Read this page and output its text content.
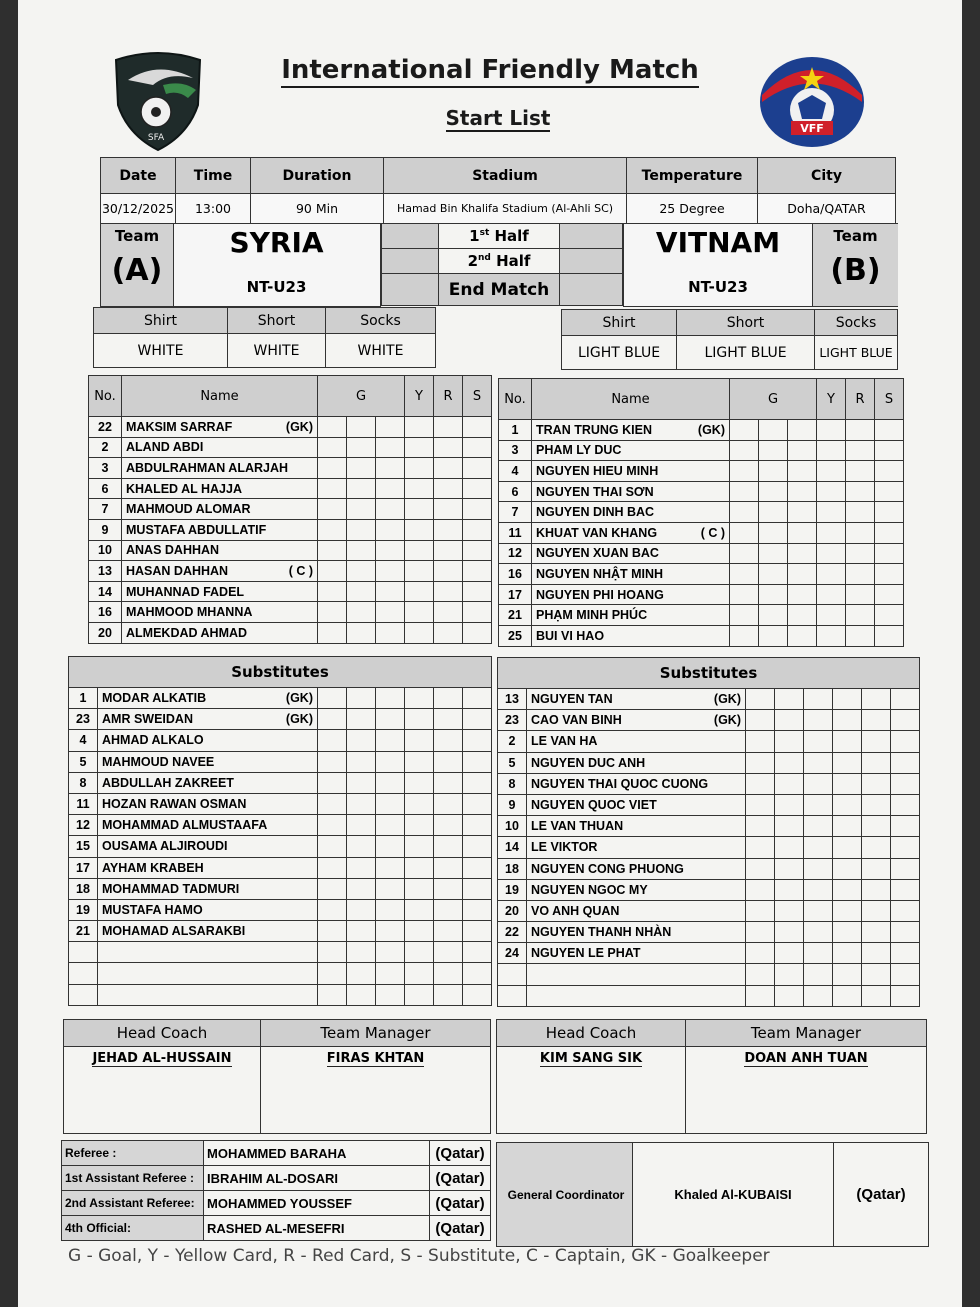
SFA
VFF
International Friendly Match
Start List
Date	Time	Duration	Stadium	Temperature	City
30/12/2025	13:00	90 Min	Hamad Bin Khalifa Stadium (Al-Ahli SC)	25 Degree	Doha/QATAR
Team
(A)
SYRIA
NT-U23
	1st Half	
	2nd Half	
	End Match	
VITNAM
NT-U23
Team
(B)
Shirt	Short	Socks
WHITE	WHITE	WHITE
Shirt	Short	Socks
LIGHT BLUE	LIGHT BLUE	LIGHT BLUE
No.	Name	G			Y	R	S
22	MAKSIM SARRAF (GK)						

2	ALAND ABDI						
3	ABDULRAHMAN ALARJAH						
6	KHALED AL HAJJA						
7	MAHMOUD ALOMAR						
9	MUSTAFA ABDULLATIF						
10	ANAS DAHHAN						
13	HASAN DAHHAN ( C )						

14	MUHANNAD FADEL						
16	MAHMOOD MHANNA						
20	ALMEKDAD AHMAD						
No.	Name	G			Y	R	S
1	TRAN TRUNG KIEN (GK)						

3	PHAM LY DUC						
4	NGUYEN HIEU MINH						
6	NGUYEN THAI SƠN						
7	NGUYEN DINH BAC						
11	KHUAT VAN KHANG ( C )						

12	NGUYEN XUAN BAC						
16	NGUYEN NHẬT MINH						
17	NGUYEN PHI HOANG						
21	PHẠM MINH PHÚC						
25	BUI VI HAO						
Substitutes							
1	MODAR ALKATIB (GK)						

23	AMR SWEIDAN (GK)						

4	AHMAD ALKALO						
5	MAHMOUD NAVEE						
8	ABDULLAH ZAKREET						
11	HOZAN RAWAN OSMAN						
12	MOHAMMAD ALMUSTAAFA						
15	OUSAMA ALJIROUDI						
17	AYHAM KRABEH						
18	MOHAMMAD TADMURI						
19	MUSTAFA HAMO						
21	MOHAMAD ALSARAKBI						

Substitutes							
13	NGUYEN TAN (GK)						

23	CAO VAN BINH (GK)						

2	LE VAN HA						
5	NGUYEN DUC ANH						
8	NGUYEN THAI QUOC CUONG						
9	NGUYEN QUOC VIET						
10	LE VAN THUAN						
14	LE VIKTOR						
18	NGUYEN CONG PHUONG						
19	NGUYEN NGOC MY						
20	VO ANH QUAN						
22	NGUYEN THANH NHÀN						
24	NGUYEN LE PHAT						

Head Coach	Team Manager
JEHAD AL-HUSSAIN	FIRAS KHTAN
Head Coach	Team Manager
KIM SANG SIK	DOAN ANH TUAN
Referee :	MOHAMMED BARAHA	(Qatar)
1st Assistant Referee :	IBRAHIM AL-DOSARI	(Qatar)
2nd Assistant Referee:	MOHAMMED YOUSSEF	(Qatar)
4th Official:	RASHED AL-MESEFRI	(Qatar)
General Coordinator	Khaled Al-KUBAISI	(Qatar)
G - Goal, Y - Yellow Card, R - Red Card, S - Substitute, C - Captain, GK - Goalkeeper
